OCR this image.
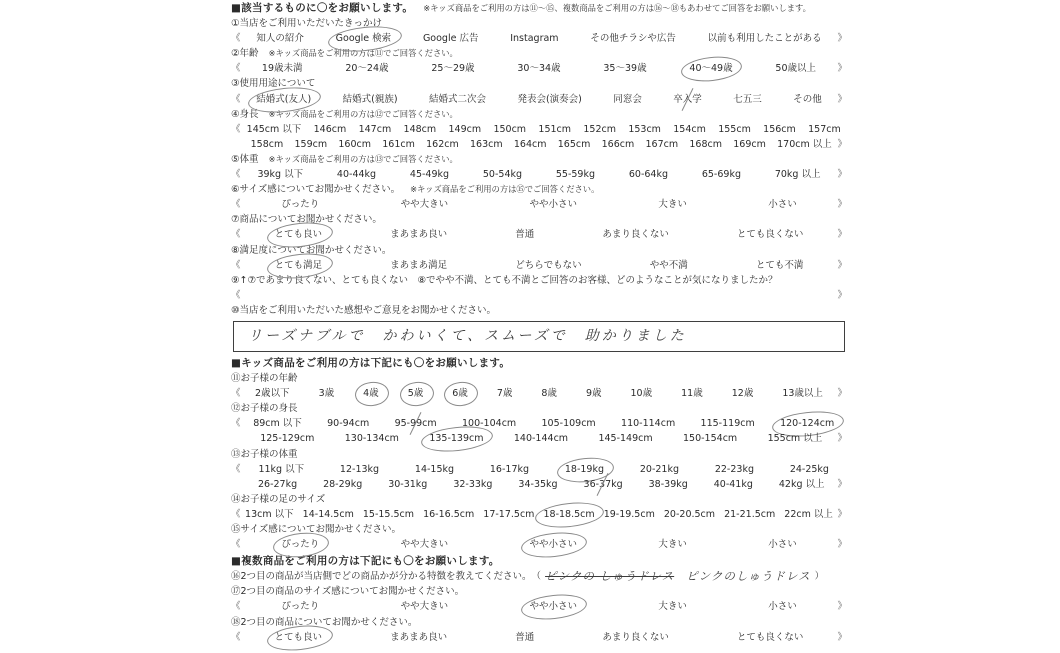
■該当するものに〇をお願いします。 ※キッズ商品をご利用の方は⑪〜⑮、複数商品をご利用の方は⑯〜⑱もあわせてご回答をお願いします。
①当店をご利用いただいたきっかけ
《 知人の紹介	Google 検索	Google 広告	Instagram	その他チラシや広告	以前も利用したことがある 》
②年齢 ※キッズ商品をご利用の方は⑪でご回答ください。
《 19歳未満	20〜24歳	25〜29歳	30〜34歳	35〜39歳	40〜49歳	50歳以上 》
③使用用途について
《 結婚式(友人)	結婚式(親族)	結婚式二次会	発表会(演奏会)	同窓会	卒入学	七五三	その他 》
④身長 ※キッズ商品をご利用の方は⑫でご回答ください。
《 145cm 以下 146cm 147cm 148cm 149cm 150cm 151cm 152cm 153cm 154cm 155cm 156cm 157cm
158cm 159cm 160cm 161cm 162cm 163cm 164cm 165cm 166cm 167cm 168cm 169cm 170cm 以上 》
⑤体重 ※キッズ商品をご利用の方は⑬でご回答ください。
《 39kg 以下	40-44kg	45-49kg	50-54kg	55-59kg	60-64kg	65-69kg	70kg 以上 》
⑥サイズ感についてお聞かせください。 ※キッズ商品をご利用の方は⑮でご回答ください。
《	ぴったり	やや大きい	やや小さい	大きい	小さい	》
⑦商品についてお聞かせください。
《	とても良い	まあまあ良い	普通	あまり良くない	とても良くない	》
⑧満足度についてお聞かせください。
《	とても満足	まあまあ満足	どちらでもない	やや不満	とても不満	》
⑨↑⑦であまり良くない、とても良くない　⑧でやや不満、とても不満とご回答のお客様、どのようなことが気になりましたか？
《	》
⑩当店をご利用いただいた感想やご意見をお聞かせください。
リーズナブルで　かわいくて、スムーズで　助かりました
■キッズ商品をご利用の方は下記にも〇をお願いします。
⑪お子様の年齢
《 2歳以下	3歳	4歳	5歳	6歳	7歳	8歳	9歳	10歳	11歳	12歳	13歳以上 》
⑫お子様の身長
《 89cm 以下	90-94cm	95-99cm	100-104cm	105-109cm	110-114cm	115-119cm	120-124cm
125-129cm	130-134cm	135-139cm	140-144cm	145-149cm	150-154cm	155cm 以上 》
⑬お子様の体重
《 11kg 以下	12-13kg	14-15kg	16-17kg	18-19kg	20-21kg	22-23kg	24-25kg
26-27kg	28-29kg	30-31kg	32-33kg	34-35kg	36-37kg	38-39kg	40-41kg	42kg 以上 》
⑭お子様の足のサイズ
《 13cm 以下 14-14.5cm 15-15.5cm 16-16.5cm 17-17.5cm 18-18.5cm 19-19.5cm 20-20.5cm 21-21.5cm 22cm 以上 》
⑮サイズ感についてお聞かせください。
《	ぴったり	やや大きい	やや小さい	大きい	小さい	》
■複数商品をご利用の方は下記にも〇をお願いします。
⑯2つ目の商品が当店側でどの商品かが分かる特徴を教えてください。 （ ピンクの しゅうドレス ピンクのしゅうドレス ）
⑰2つ目の商品のサイズ感についてお聞かせください。
《	ぴったり	やや大きい	やや小さい	大きい	小さい	》
⑱2つ目の商品についてお聞かせください。
《	とても良い	まあまあ良い	普通	あまり良くない	とても良くない	》
